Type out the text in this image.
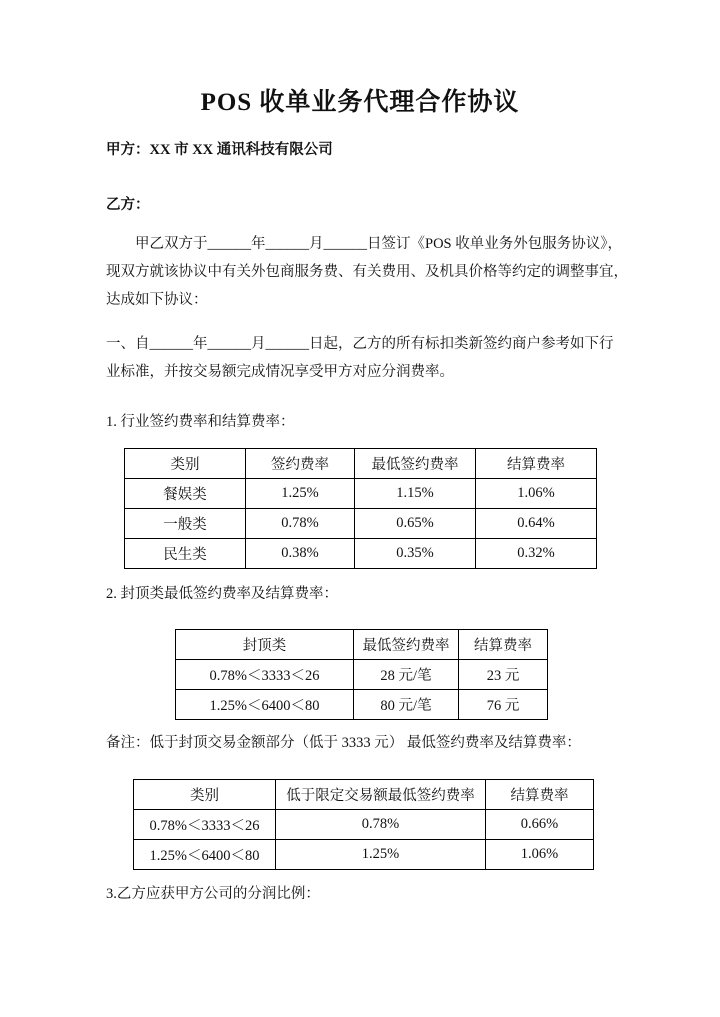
POS 收单业务代理合作协议
甲方：XX 市 XX 通讯科技有限公司
乙方：
甲乙双方于______年______月______日签订《POS 收单业务外包服务协议》，
现双方就该协议中有关外包商服务费、有关费用、及机具价格等约定的调整事宜，
达成如下协议：
一、自______年______月______日起，乙方的所有标扣类新签约商户参考如下行
业标准，并按交易额完成情况享受甲方对应分润费率。
1. 行业签约费率和结算费率：
类别	签约费率	最低签约费率	结算费率
餐娱类	1.25%	1.15%	1.06%
一般类	0.78%	0.65%	0.64%
民生类	0.38%	0.35%	0.32%
2. 封顶类最低签约费率及结算费率：
封顶类	最低签约费率	结算费率
0.78%＜3333＜26	28 元/笔	23 元
1.25%＜6400＜80	80 元/笔	76 元
备注：低于封顶交易金额部分（低于 3333 元） 最低签约费率及结算费率：
类别	低于限定交易额最低签约费率	结算费率
0.78%＜3333＜26	0.78%	0.66%
1.25%＜6400＜80	1.25%	1.06%
3.乙方应获甲方公司的分润比例：
